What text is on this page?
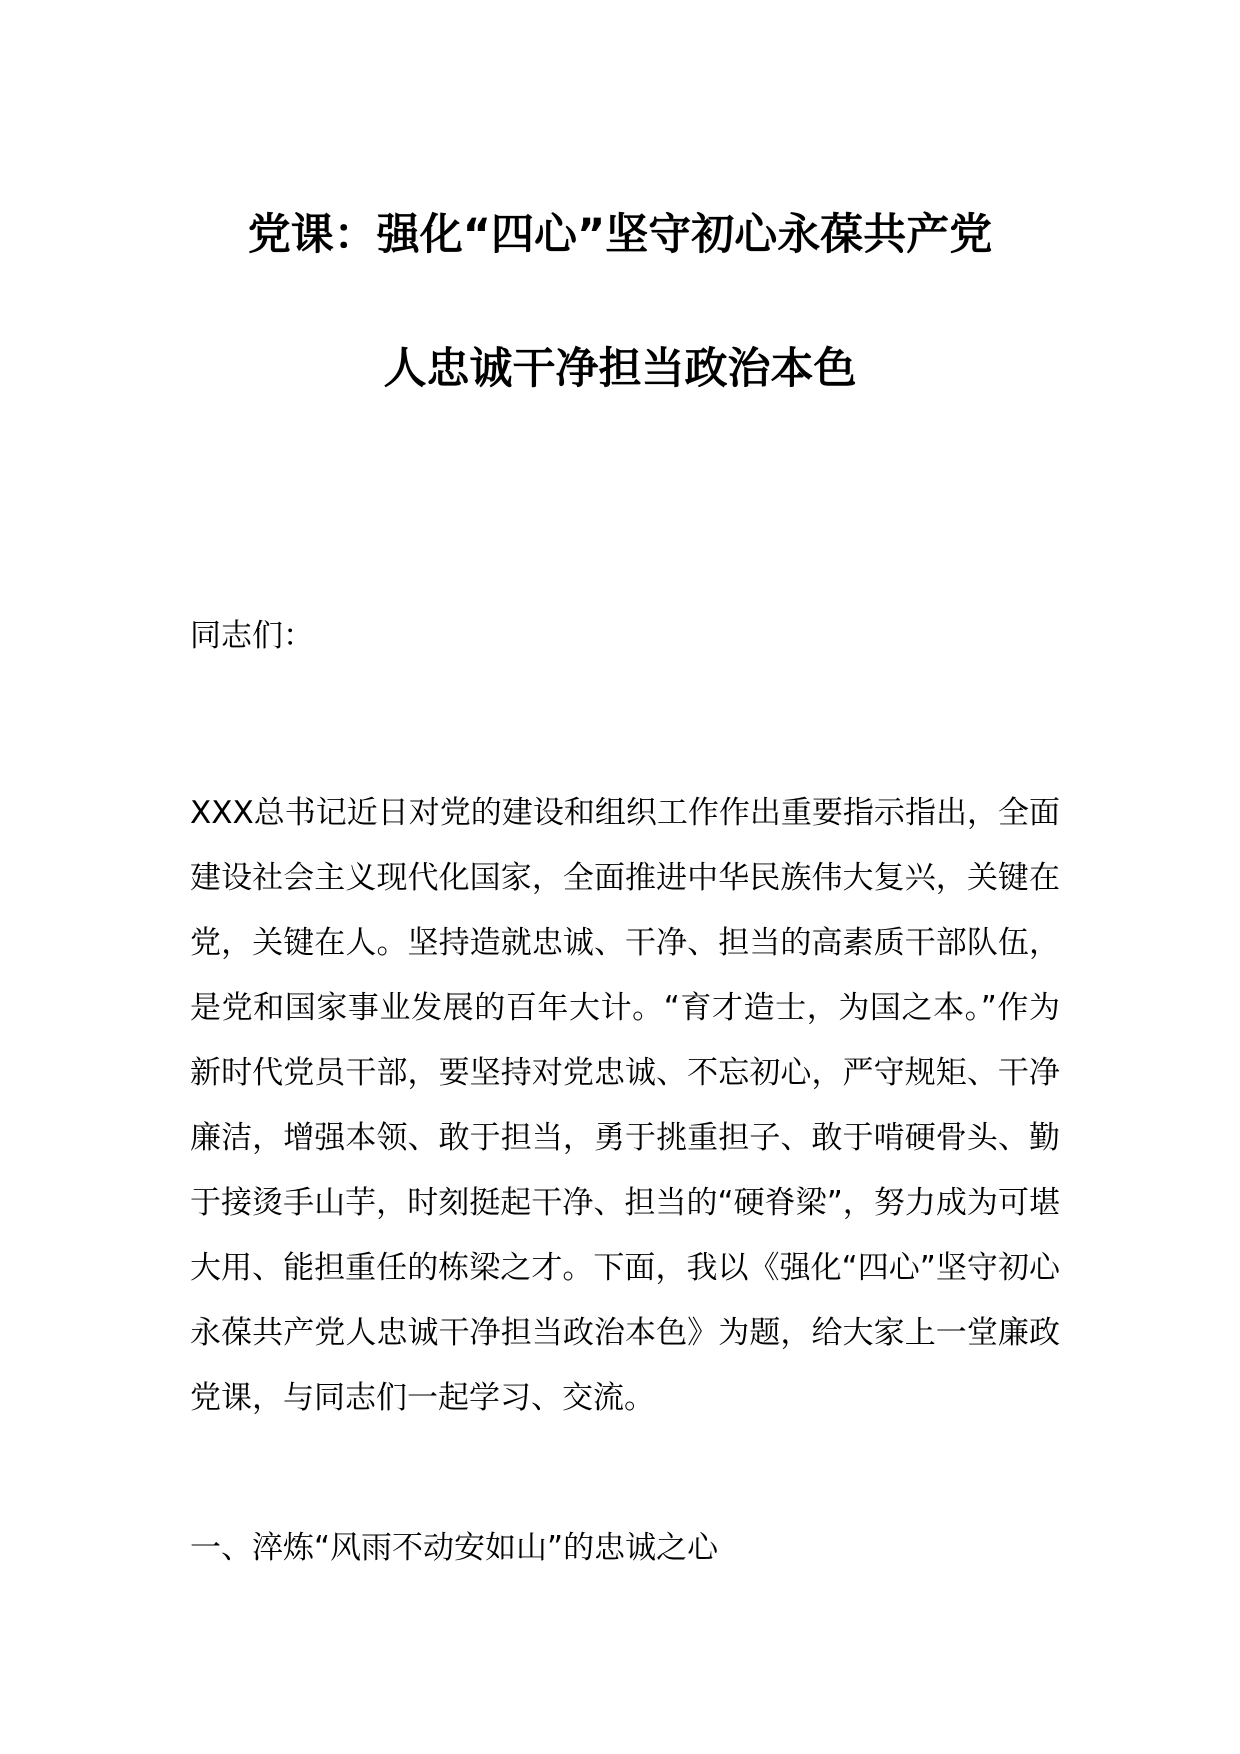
党课：强化“四心”坚守初心永葆共产党
人忠诚干净担当政治本色
同志们：

XXX总书记近日对党的建设和组织工作作出重要指示指出，全面建设社会主义现代化国家，全面推进中华民族伟大复兴，关键在党，关键在人。坚持造就忠诚、干净、担当的高素质干部队伍，是党和国家事业发展的百年大计。“育才造士，为国之本。”作为新时代党员干部，要坚持对党忠诚、不忘初心，严守规矩、干净廉洁，增强本领、敢于担当，勇于挑重担子、敢于啃硬骨头、勤于接烫手山芋，时刻挺起干净、担当的“硬脊梁”，努力成为可堪大用、能担重任的栋梁之才。下面，我以《强化“四心”坚守初心永葆共产党人忠诚干净担当政治本色》为题，给大家上一堂廉政党课，与同志们一起学习、交流。

一、淬炼“风雨不动安如山”的忠诚之心
